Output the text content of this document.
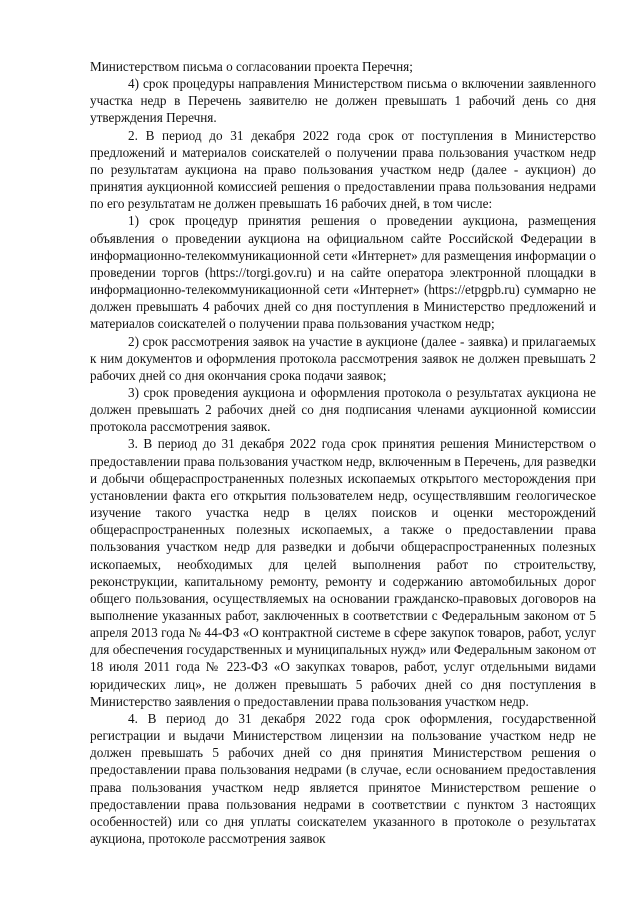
Министерством письма о согласовании проекта Перечня;

4) срок процедуры направления Министерством письма о включении заявленного участка недр в Перечень заявителю не должен превышать 1 рабочий день со дня утверждения Перечня.

2. В период до 31 декабря 2022 года срок от поступления в Министерство предложений и материалов соискателей о получении права пользования участком недр по результатам аукциона на право пользования участком недр (далее - аукцион) до принятия аукционной комиссией решения о предоставлении права пользования недрами по его результатам не должен превышать 16 рабочих дней, в том числе:

1) срок процедур принятия решения о проведении аукциона, размещения объявления о проведении аукциона на официальном сайте Российской Федерации в информационно-телекоммуникационной сети «Интернет» для размещения информации о проведении торгов (https://torgi.gov.ru) и на сайте оператора электронной площадки в информационно-телекоммуникационной сети «Интернет» (https://etpgpb.ru) суммарно не должен превышать 4 рабочих дней со дня поступления в Министерство предложений и материалов соискателей о получении права пользования участком недр;

2) срок рассмотрения заявок на участие в аукционе (далее - заявка) и прилагаемых к ним документов и оформления протокола рассмотрения заявок не должен превышать 2 рабочих дней со дня окончания срока подачи заявок;

3) срок проведения аукциона и оформления протокола о результатах аукциона не должен превышать 2 рабочих дней со дня подписания членами аукционной комиссии протокола рассмотрения заявок.

3. В период до 31 декабря 2022 года срок принятия решения Министерством о предоставлении права пользования участком недр, включенным в Перечень, для разведки и добычи общераспространенных полезных ископаемых открытого месторождения при установлении факта его открытия пользователем недр, осуществлявшим геологическое изучение такого участка недр в целях поисков и оценки месторождений общераспространенных полезных ископаемых, а также о предоставлении права пользования участком недр для разведки и добычи общераспространенных полезных ископаемых, необходимых для целей выполнения работ по строительству, реконструкции, капитальному ремонту, ремонту и содержанию автомобильных дорог общего пользования, осуществляемых на основании гражданско-правовых договоров на выполнение указанных работ, заключенных в соответствии с Федеральным законом от 5 апреля 2013 года № 44-ФЗ «О контрактной системе в сфере закупок товаров, работ, услуг для обеспечения государственных и муниципальных нужд» или Федеральным законом от 18 июля 2011 года № 223-ФЗ «О закупках товаров, работ, услуг отдельными видами юридических лиц», не должен превышать 5 рабочих дней со дня поступления в Министерство заявления о предоставлении права пользования участком недр.

4. В период до 31 декабря 2022 года срок оформления, государственной регистрации и выдачи Министерством лицензии на пользование участком недр не должен превышать 5 рабочих дней со дня принятия Министерством решения о предоставлении права пользования недрами (в случае, если основанием предоставления права пользования участком недр является принятое Министерством решение о предоставлении права пользования недрами в соответствии с пунктом 3 настоящих особенностей) или со дня уплаты соискателем указанного в протоколе о результатах аукциона, протоколе рассмотрения заявок
